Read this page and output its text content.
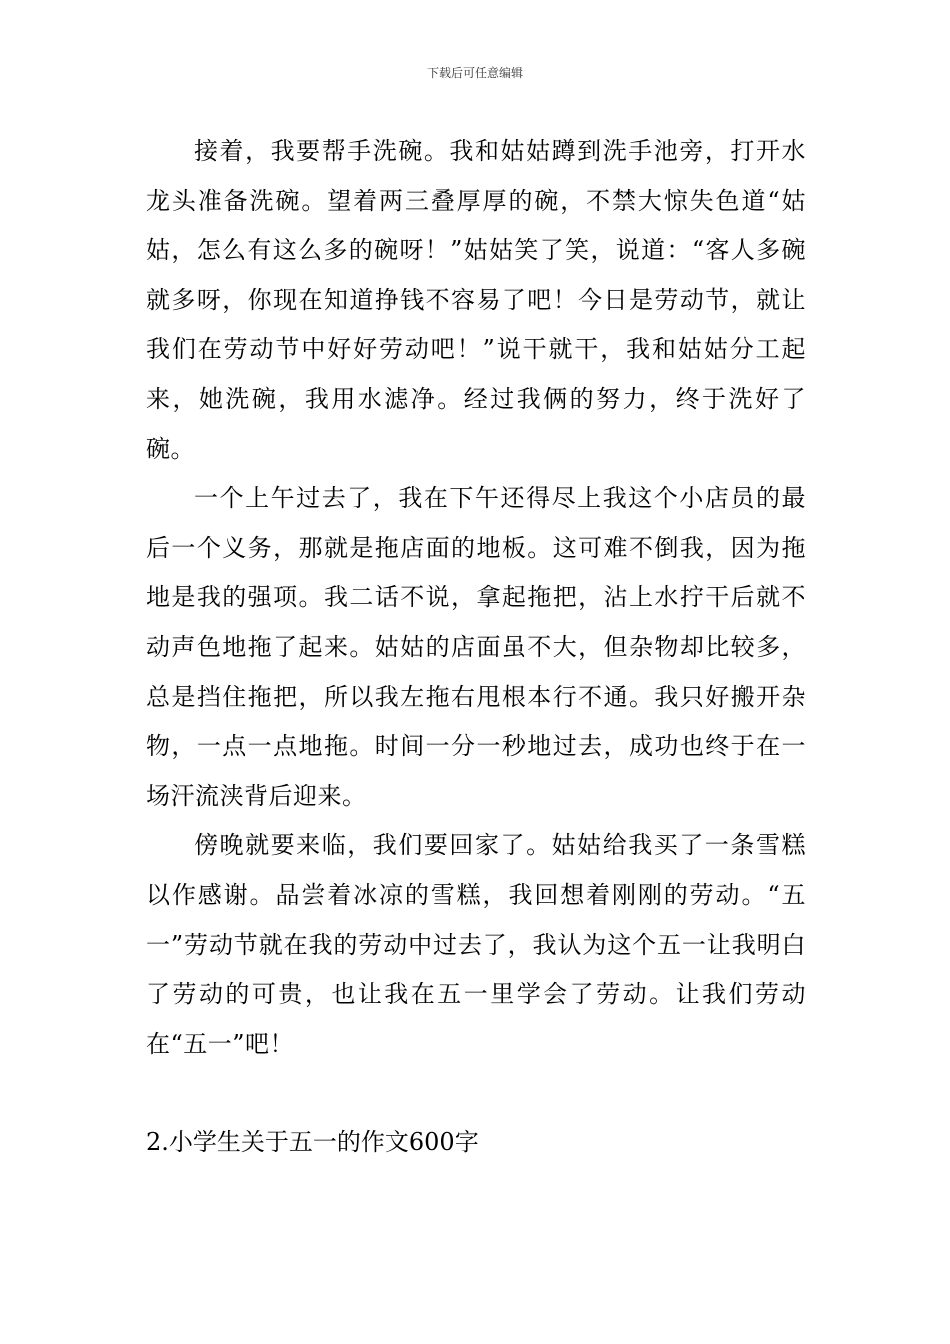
下载后可任意编辑

接着，我要帮手洗碗。我和姑姑蹲到洗手池旁，打开水龙头准备洗碗。望着两三叠厚厚的碗，不禁大惊失色道“姑姑，怎么有这么多的碗呀！”姑姑笑了笑，说道：“客人多碗就多呀，你现在知道挣钱不容易了吧！今日是劳动节，就让我们在劳动节中好好劳动吧！”说干就干，我和姑姑分工起来，她洗碗，我用水滤净。经过我俩的努力，终于洗好了碗。

一个上午过去了，我在下午还得尽上我这个小店员的最后一个义务，那就是拖店面的地板。这可难不倒我，因为拖地是我的强项。我二话不说，拿起拖把，沾上水拧干后就不动声色地拖了起来。姑姑的店面虽不大，但杂物却比较多，总是挡住拖把，所以我左拖右甩根本行不通。我只好搬开杂物，一点一点地拖。时间一分一秒地过去，成功也终于在一场汗流浃背后迎来。

傍晚就要来临，我们要回家了。姑姑给我买了一条雪糕以作感谢。品尝着冰凉的雪糕，我回想着刚刚的劳动。“五一”劳动节就在我的劳动中过去了，我认为这个五一让我明白了劳动的可贵，也让我在五一里学会了劳动。让我们劳动在“五一”吧！

2.小学生关于五一的作文600字
